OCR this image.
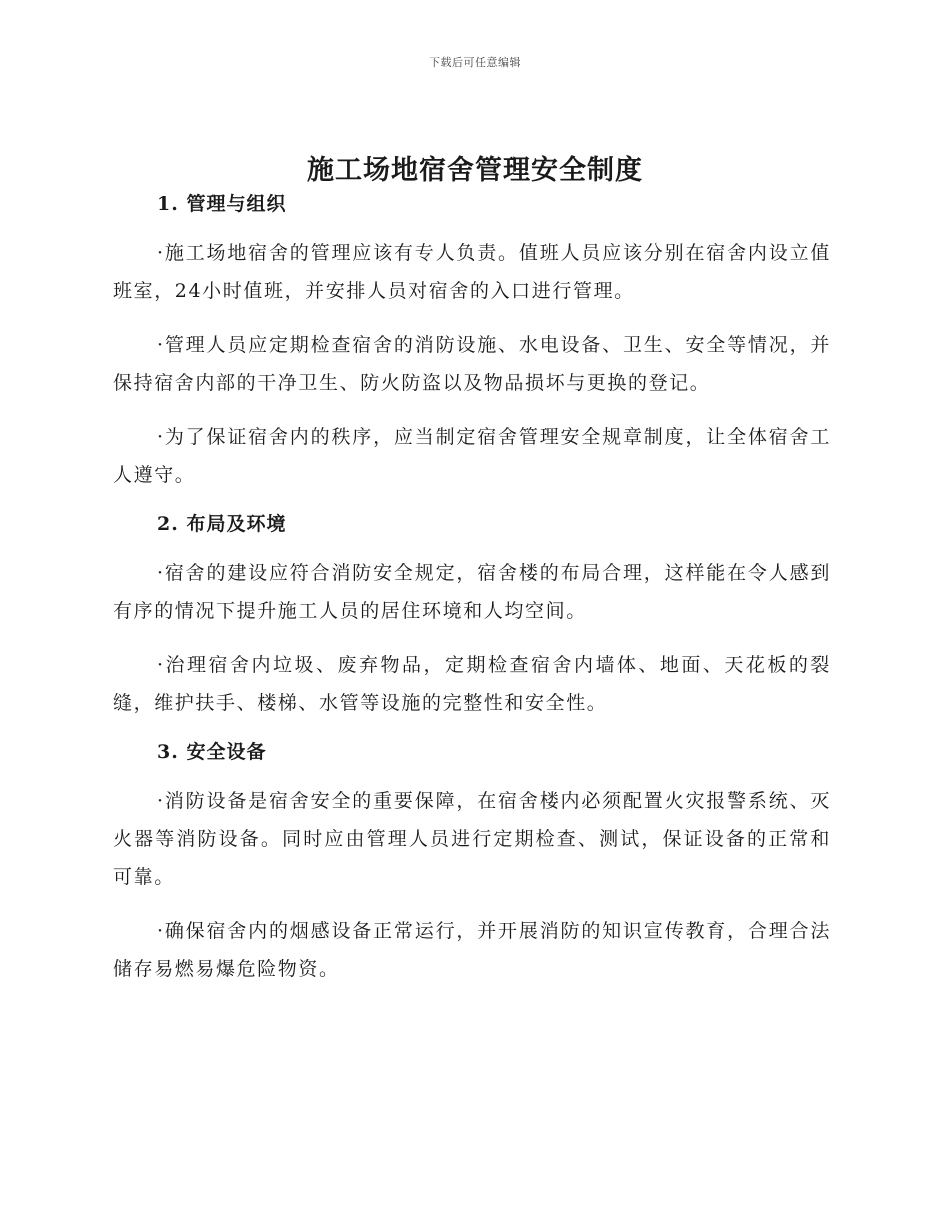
下载后可任意编辑
施工场地宿舍管理安全制度
1. 管理与组织

·施工场地宿舍的管理应该有专人负责。值班人员应该分别在宿舍内设立值班室，24小时值班，并安排人员对宿舍的入口进行管理。

·管理人员应定期检查宿舍的消防设施、水电设备、卫生、安全等情况，并保持宿舍内部的干净卫生、防火防盗以及物品损坏与更换的登记。

·为了保证宿舍内的秩序，应当制定宿舍管理安全规章制度，让全体宿舍工人遵守。

2. 布局及环境

·宿舍的建设应符合消防安全规定，宿舍楼的布局合理，这样能在令人感到有序的情况下提升施工人员的居住环境和人均空间。

·治理宿舍内垃圾、废弃物品，定期检查宿舍内墙体、地面、天花板的裂缝，维护扶手、楼梯、水管等设施的完整性和安全性。

3. 安全设备

·消防设备是宿舍安全的重要保障，在宿舍楼内必须配置火灾报警系统、灭火器等消防设备。同时应由管理人员进行定期检查、测试，保证设备的正常和可靠。

·确保宿舍内的烟感设备正常运行，并开展消防的知识宣传教育，合理合法储存易燃易爆危险物资。
